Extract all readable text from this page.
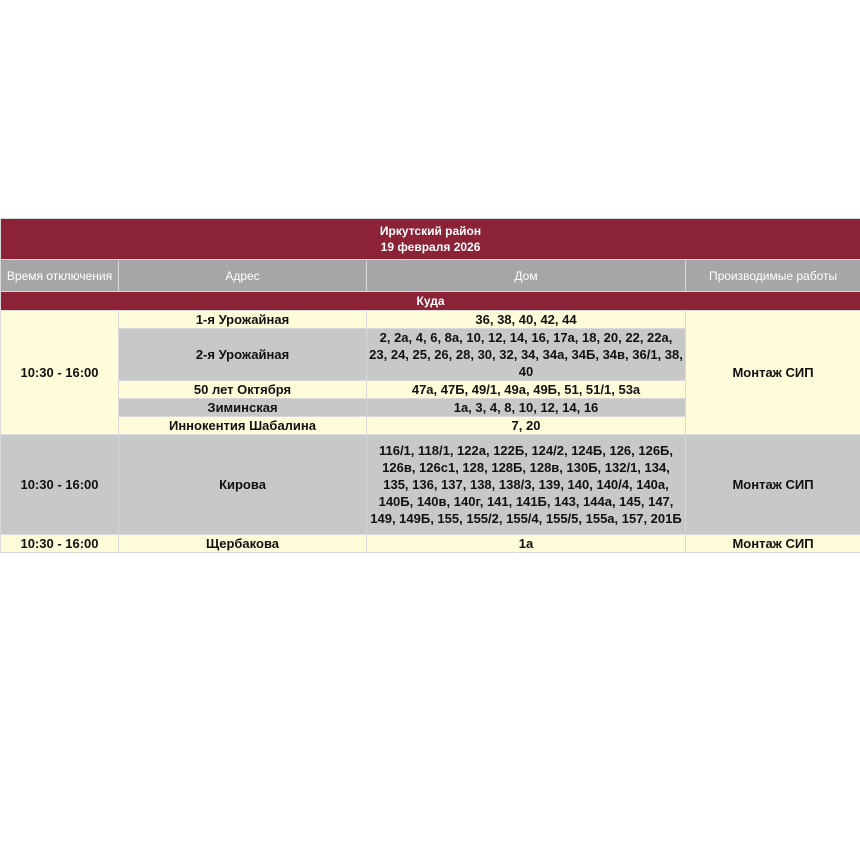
Иркутский район
19 февраля 2026			
Время отключения	Адрес	Дом	Производимые работы
Куда			
10:30 - 16:00	1-я Урожайная	36, 38, 40, 42, 44	Монтаж СИП
	2-я Урожайная	2, 2а, 4, 6, 8а, 10, 12, 14, 16, 17а, 18, 20, 22, 22а, 23, 24, 25, 26, 28, 30, 32, 34, 34а, 34Б, 34в, 36/1, 38, 40	
	50 лет Октября	47а, 47Б, 49/1, 49а, 49Б, 51, 51/1, 53а	
	Зиминская	1а, 3, 4, 8, 10, 12, 14, 16	
	Иннокентия Шабалина	7, 20	
10:30 - 16:00	Кирова	116/1, 118/1, 122а, 122Б, 124/2, 124Б, 126, 126Б, 126в, 126с1, 128, 128Б, 128в, 130Б, 132/1, 134, 135, 136, 137, 138, 138/3, 139, 140, 140/4, 140а, 140Б, 140в, 140г, 141, 141Б, 143, 144а, 145, 147, 149, 149Б, 155, 155/2, 155/4, 155/5, 155а, 157, 201Б	Монтаж СИП
10:30 - 16:00	Щербакова	1а	Монтаж СИП
